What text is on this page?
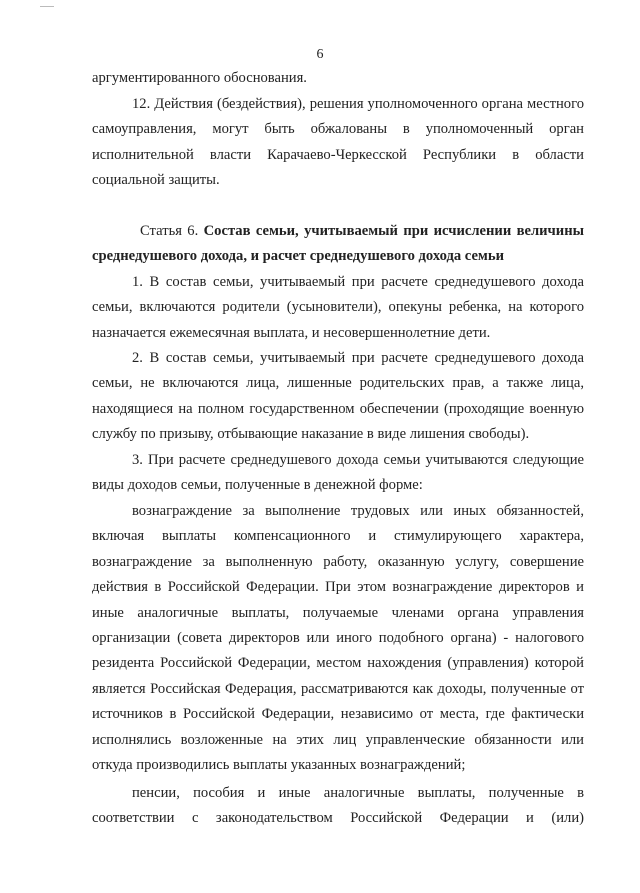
6
аргументированного обоснования.
12. Действия (бездействия), решения уполномоченного органа местного
самоуправления, могут быть обжалованы в уполномоченный орган
исполнительной власти Карачаево-Черкесской Республики в области
социальной защиты.
Статья 6. Состав семьи, учитываемый при исчислении величины
среднедушевого дохода, и расчет среднедушевого дохода семьи
1. В состав семьи, учитываемый при расчете среднедушевого дохода
семьи, включаются родители (усыновители), опекуны ребенка, на которого
назначается ежемесячная выплата, и несовершеннолетние дети.
2. В состав семьи, учитываемый при расчете среднедушевого дохода
семьи, не включаются лица, лишенные родительских прав, а также лица,
находящиеся на полном государственном обеспечении (проходящие военную
службу по призыву, отбывающие наказание в виде лишения свободы).
3. При расчете среднедушевого дохода семьи учитываются следующие
виды доходов семьи, полученные в денежной форме:
вознаграждение за выполнение трудовых или иных обязанностей,
включая выплаты компенсационного и стимулирующего характера,
вознаграждение за выполненную работу, оказанную услугу, совершение
действия в Российской Федерации. При этом вознаграждение директоров и
иные аналогичные выплаты, получаемые членами органа управления
организации (совета директоров или иного подобного органа) - налогового
резидента Российской Федерации, местом нахождения (управления) которой
является Российская Федерация, рассматриваются как доходы, полученные от
источников в Российской Федерации, независимо от места, где фактически
исполнялись возложенные на этих лиц управленческие обязанности или
откуда производились выплаты указанных вознаграждений;
пенсии, пособия и иные аналогичные выплаты, полученные в
соответствии с законодательством Российской Федерации и (или)
